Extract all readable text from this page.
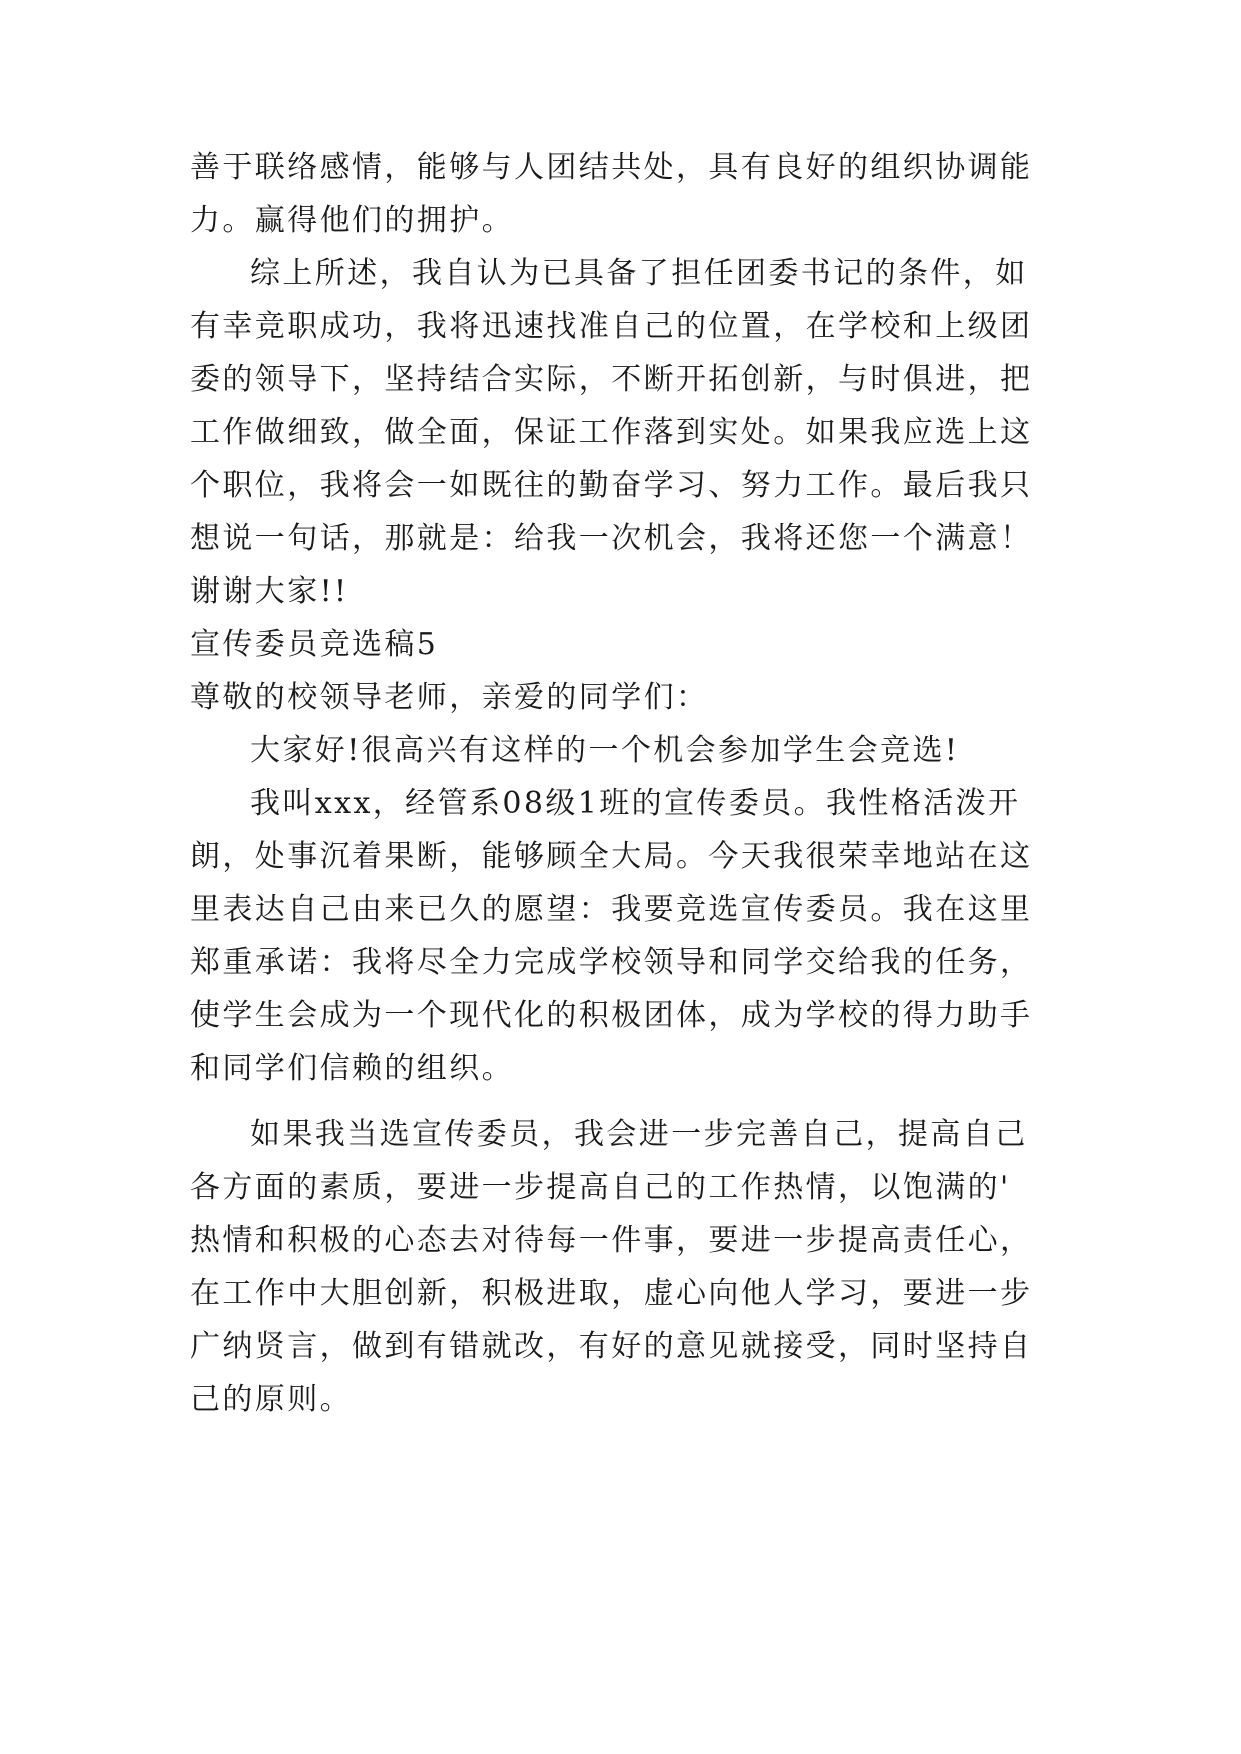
善于联络感情，能够与人团结共处，具有良好的组织协调能
力。赢得他们的拥护。
综上所述，我自认为已具备了担任团委书记的条件，如
有幸竞职成功，我将迅速找准自己的位置，在学校和上级团
委的领导下，坚持结合实际，不断开拓创新，与时俱进，把
工作做细致，做全面，保证工作落到实处。如果我应选上这
个职位，我将会一如既往的勤奋学习、努力工作。最后我只
想说一句话，那就是：给我一次机会，我将还您一个满意！
谢谢大家!!
宣传委员竞选稿5
尊敬的校领导老师，亲爱的同学们：
大家好!很高兴有这样的一个机会参加学生会竞选!
我叫xxx，经管系08级1班的宣传委员。我性格活泼开
朗，处事沉着果断，能够顾全大局。今天我很荣幸地站在这
里表达自己由来已久的愿望：我要竞选宣传委员。我在这里
郑重承诺：我将尽全力完成学校领导和同学交给我的任务，
使学生会成为一个现代化的积极团体，成为学校的得力助手
和同学们信赖的组织。
如果我当选宣传委员，我会进一步完善自己，提高自己
各方面的素质，要进一步提高自己的工作热情，以饱满的'
热情和积极的心态去对待每一件事，要进一步提高责任心，
在工作中大胆创新，积极进取，虚心向他人学习，要进一步
广纳贤言，做到有错就改，有好的意见就接受，同时坚持自
己的原则。
